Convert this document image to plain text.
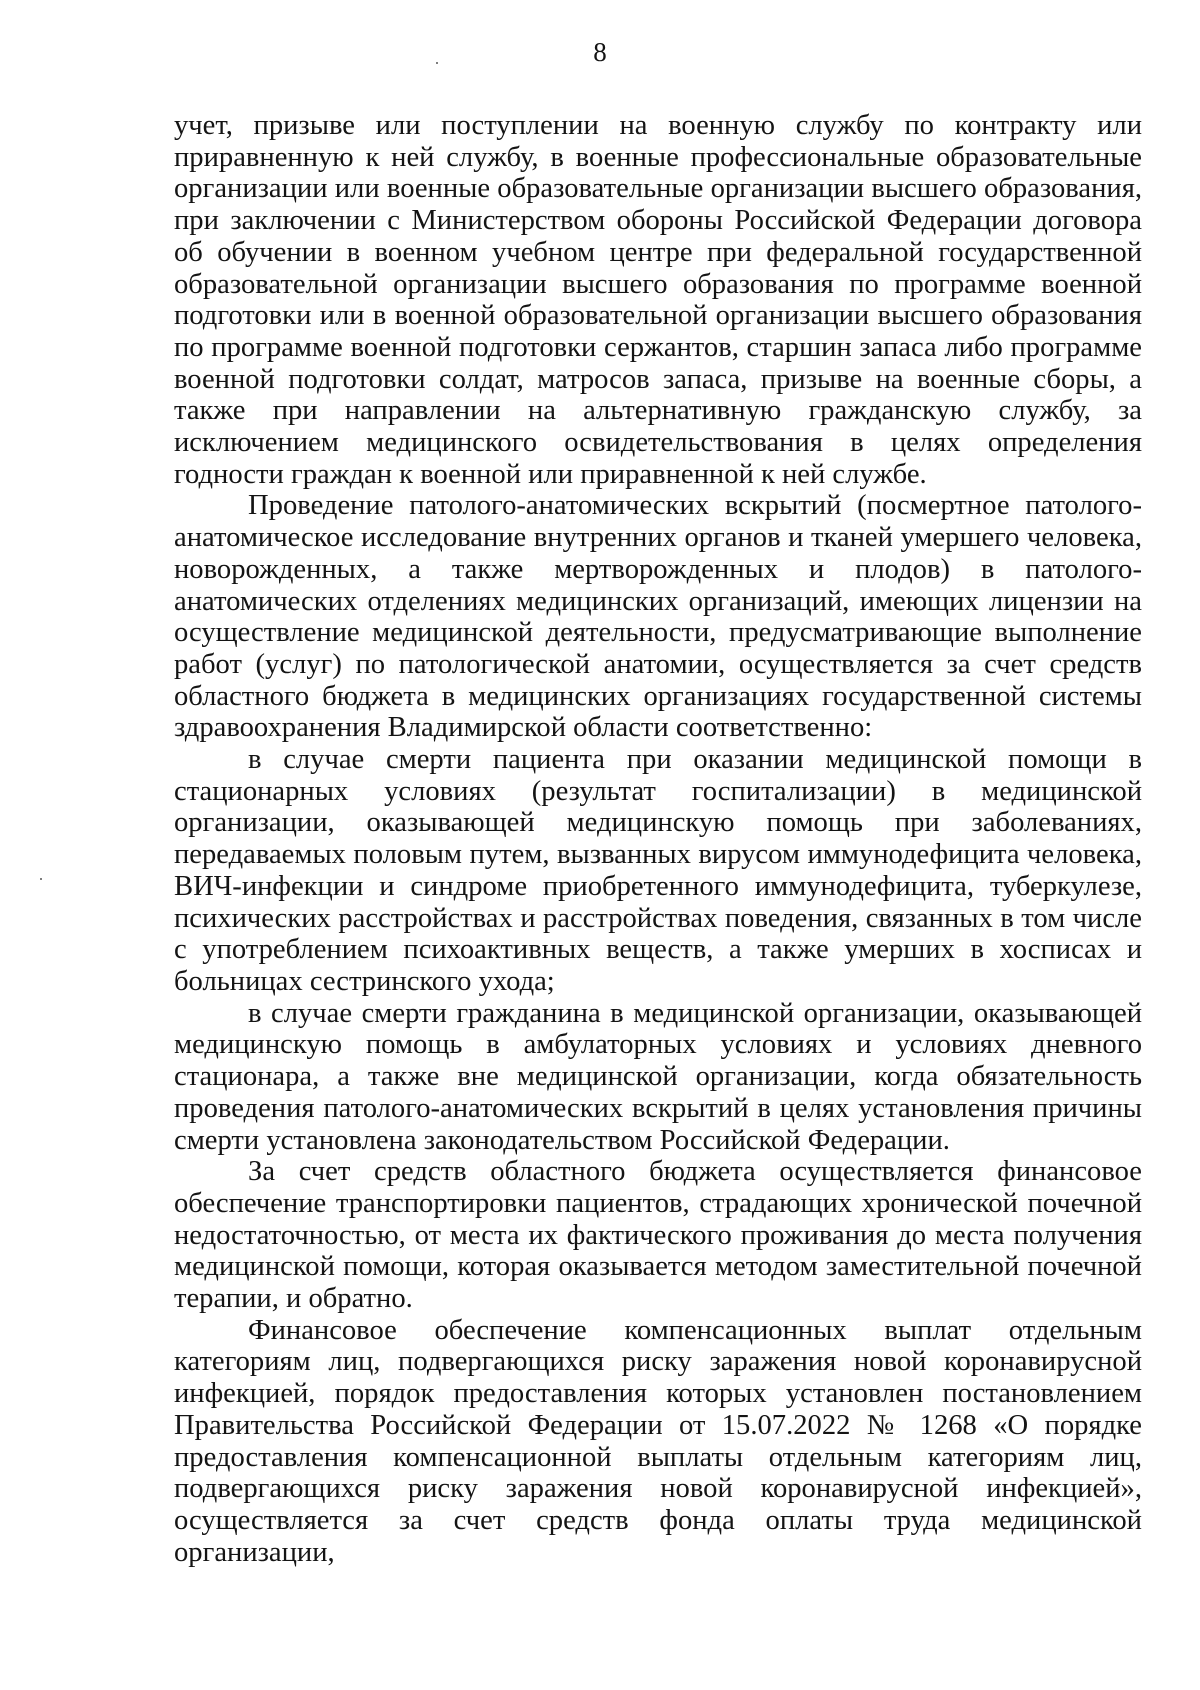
8

учет, призыве или поступлении на военную службу по контракту или приравненную к ней службу, в военные профессиональные образовательные организации или военные образовательные организации высшего образования, при заключении с Министерством обороны Российской Федерации договора об обучении в военном учебном центре при федеральной государственной образовательной организации высшего образования по программе военной подготовки или в военной образовательной организации высшего образования по программе военной подготовки сержантов, старшин запаса либо программе военной подготовки солдат, матросов запаса, призыве на военные сборы, а также при направлении на альтернативную гражданскую службу, за исключением медицинского освидетельствования в целях определения годности граждан к военной или приравненной к ней службе.

Проведение патолого-анатомических вскрытий (посмертное патолого-анатомическое исследование внутренних органов и тканей умершего человека, новорожденных, а также мертворожденных и плодов) в патолого-анатомических отделениях медицинских организаций, имеющих лицензии на осуществление медицинской деятельности, предусматривающие выполнение работ (услуг) по патологической анатомии, осуществляется за счет средств областного бюджета в медицинских организациях государственной системы здравоохранения Владимирской области соответственно:

в случае смерти пациента при оказании медицинской помощи в стационарных условиях (результат госпитализации) в медицинской организации, оказывающей медицинскую помощь при заболеваниях, передаваемых половым путем, вызванных вирусом иммунодефицита человека, ВИЧ-инфекции и синдроме приобретенного иммунодефицита, туберкулезе, психических расстройствах и расстройствах поведения, связанных в том числе с употреблением психоактивных веществ, а также умерших в хосписах и больницах сестринского ухода;

в случае смерти гражданина в медицинской организации, оказывающей медицинскую помощь в амбулаторных условиях и условиях дневного стационара, а также вне медицинской организации, когда обязательность проведения патолого-анатомических вскрытий в целях установления причины смерти установлена законодательством Российской Федерации.

За счет средств областного бюджета осуществляется финансовое обеспечение транспортировки пациентов, страдающих хронической почечной недостаточностью, от места их фактического проживания до места получения медицинской помощи, которая оказывается методом заместительной почечной терапии, и обратно.

Финансовое обеспечение компенсационных выплат отдельным категориям лиц, подвергающихся риску заражения новой коронавирусной инфекцией, порядок предоставления которых установлен постановлением Правительства Российской Федерации от 15.07.2022 № 1268 «О порядке предоставления компенсационной выплаты отдельным категориям лиц, подвергающихся риску заражения новой коронавирусной инфекцией», осуществляется за счет средств фонда оплаты труда медицинской организации,
